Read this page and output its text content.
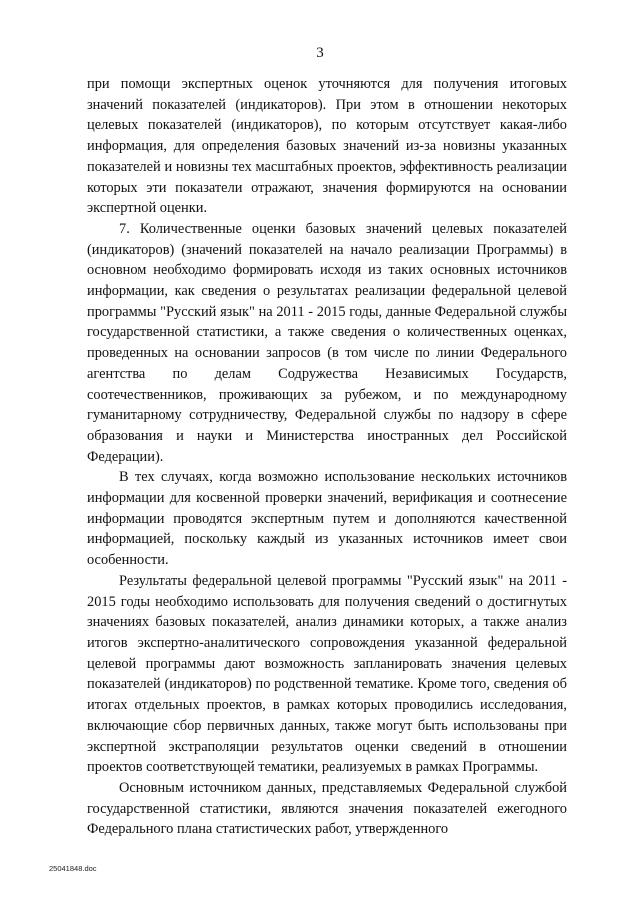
3

при помощи экспертных оценок уточняются для получения итоговых значений показателей (индикаторов). При этом в отношении некоторых целевых показателей (индикаторов), по которым отсутствует какая-либо информация, для определения базовых значений из-за новизны указанных показателей и новизны тех масштабных проектов, эффективность реализации которых эти показатели отражают, значения формируются на основании экспертной оценки.

7. Количественные оценки базовых значений целевых показателей (индикаторов) (значений показателей на начало реализации Программы) в основном необходимо формировать исходя из таких основных источников информации, как сведения о результатах реализации федеральной целевой программы "Русский язык" на 2011 - 2015 годы, данные Федеральной службы государственной статистики, а также сведения о количественных оценках, проведенных на основании запросов (в том числе по линии Федерального агентства по делам Содружества Независимых Государств, соотечественников, проживающих за рубежом, и по международному гуманитарному сотрудничеству, Федеральной службы по надзору в сфере образования и науки и Министерства иностранных дел Российской Федерации).

В тех случаях, когда возможно использование нескольких источников информации для косвенной проверки значений, верификация и соотнесение информации проводятся экспертным путем и дополняются качественной информацией, поскольку каждый из указанных источников имеет свои особенности.

Результаты федеральной целевой программы "Русский язык" на 2011 - 2015 годы необходимо использовать для получения сведений о достигнутых значениях базовых показателей, анализ динамики которых, а также анализ итогов экспертно-аналитического сопровождения указанной федеральной целевой программы дают возможность запланировать значения целевых показателей (индикаторов) по родственной тематике. Кроме того, сведения об итогах отдельных проектов, в рамках которых проводились исследования, включающие сбор первичных данных, также могут быть использованы при экспертной экстраполяции результатов оценки сведений в отношении проектов соответствующей тематики, реализуемых в рамках Программы.

Основным источником данных, представляемых Федеральной службой государственной статистики, являются значения показателей ежегодного Федерального плана статистических работ, утвержденного

25041848.doc
